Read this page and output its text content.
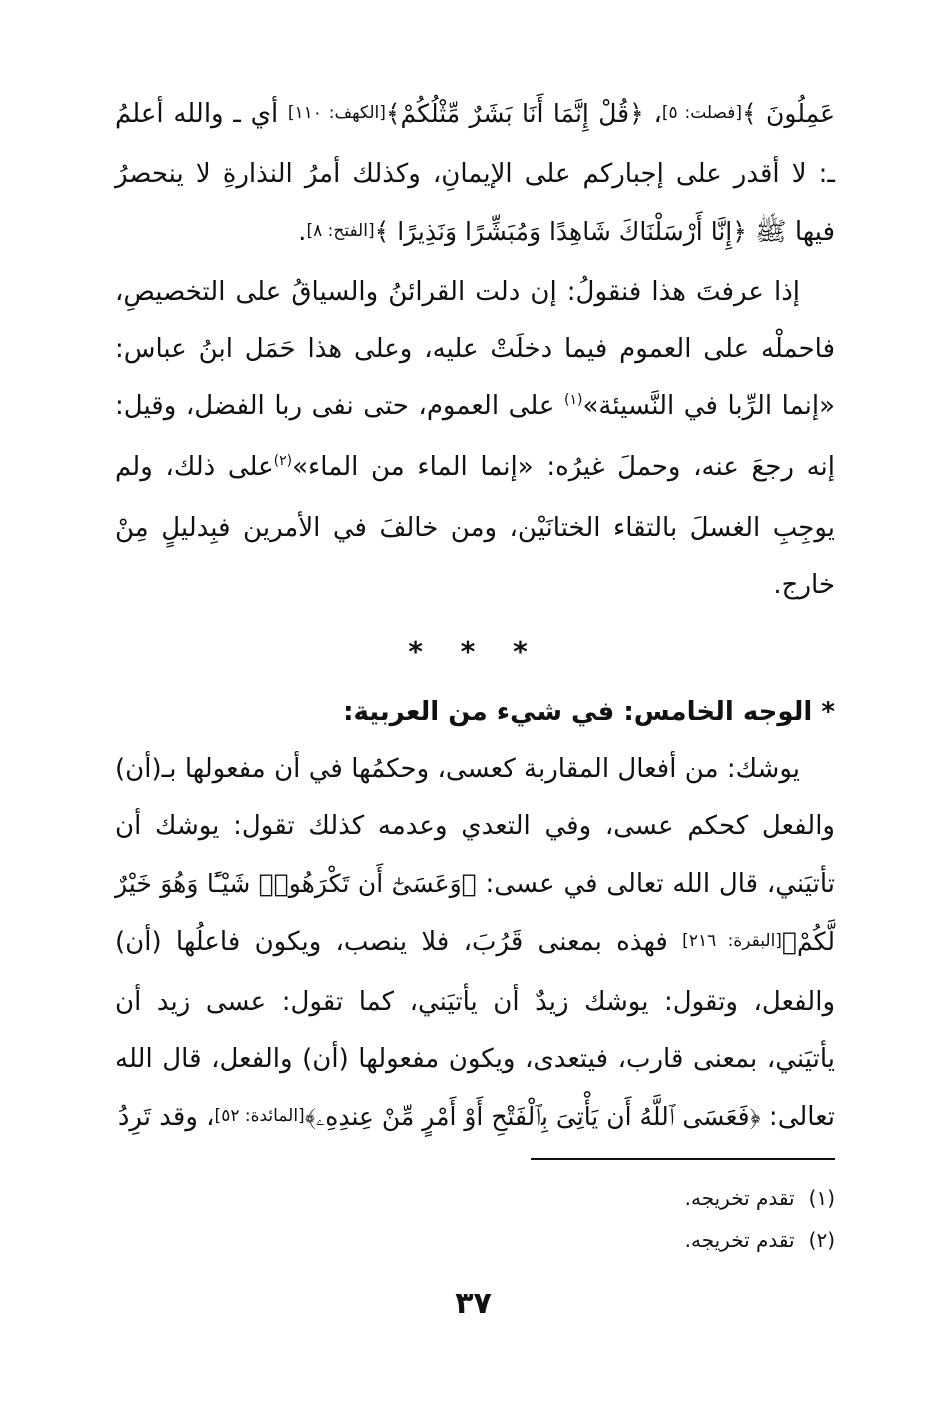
عَمِلُونَ ﴾[فصلت: ٥]، ﴿قُلْ إِنَّمَا أَنَا بَشَرٌ مِّثْلُكُمْ﴾[الكهف: ١١٠] أي ـ والله أعلمُ ـ: لا أقدر على إجباركم على الإيمانِ، وكذلك أمرُ النذارةِ لا ينحصرُ فيها ﷺ ﴿إِنَّا أَرْسَلْنَاكَ شَاهِدًا وَمُبَشِّرًا وَنَذِيرًا ﴾[الفتح: ٨].

إذا عرفتَ هذا فنقولُ: إن دلت القرائنُ والسياقُ على التخصيصِ، فاحملْه على العموم فيما دخلَتْ عليه، وعلى هذا حَمَل ابنُ عباس: «إنما الرِّبا في النَّسيئة»$^{(١)}$ على العموم، حتى نفى ربا الفضل، وقيل: إنه رجعَ عنه، وحملَ غيرُه: «إنما الماء من الماء»$^{(٢)}$على ذلك، ولم يوجِبِ الغسلَ بالتقاء الختانَيْن، ومن خالفَ في الأمرين فبِدليلٍ مِنْ خارج.

* * *

* الوجه الخامس: في شيء من العربية:

يوشك: من أفعال المقاربة كعسى، وحكمُها في أن مفعولها بـ(أن) والفعل كحكم عسى، وفي التعدي وعدمه كذلك تقول: يوشك أن تأتيَني، قال الله تعالى في عسى: ﴿وَعَسَىٰٓ أَن تَكْرَهُوا۟ شَيْـًٔا وَهُوَ خَيْرٌ لَّكُمْ﴾[البقرة: ٢١٦] فهذه بمعنى قَرُبَ، فلا ينصب، ويكون فاعلُها (أن) والفعل، وتقول: يوشك زيدٌ أن يأتيَني، كما تقول: عسى زيد أن يأتيَني، بمعنى قارب، فيتعدى، ويكون مفعولها (أن) والفعل، قال الله تعالى: ﴿فَعَسَى ٱللَّهُ أَن يَأْتِىَ بِٱلْفَتْحِ أَوْ أَمْرٍ مِّنْ عِندِهِۦ﴾[المائدة: ٥٢]، وقد تَرِدُ

(١)تقدم تخريجه.

(٢)تقدم تخريجه.

٣٧
